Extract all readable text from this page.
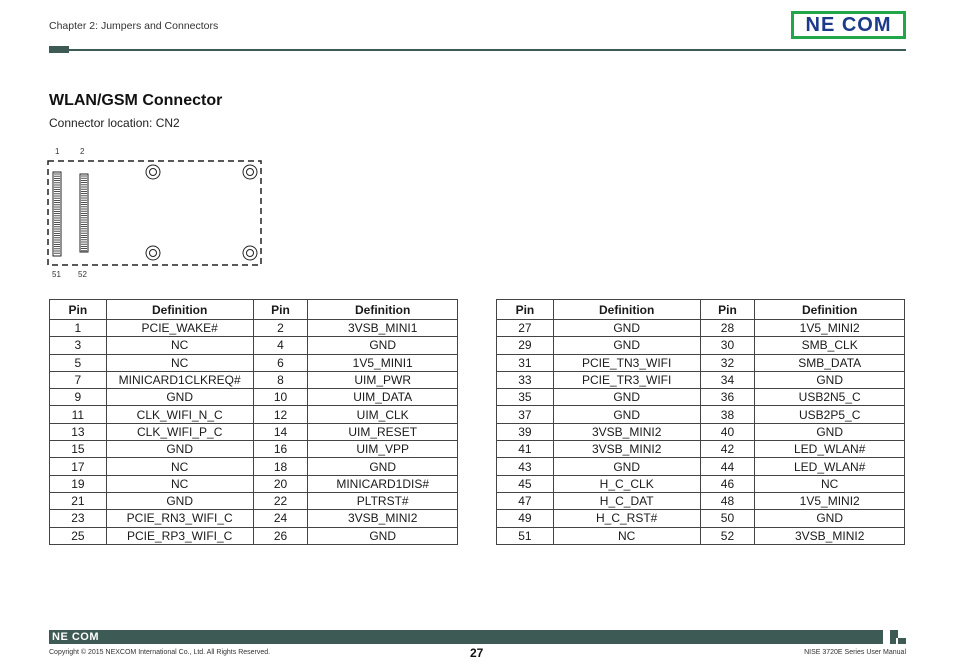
Chapter 2: Jumpers and Connectors	NE COM
WLAN/GSM Connector
Connector location: CN2
1	2
51 52
Pin	Definition	Pin	Definition
1	PCIE_WAKE#	2	3VSB_MINI1
3	NC	4	GND
5	NC	6	1V5_MINI1
7	MINICARD1CLKREQ#	8	UIM_PWR
9	GND	10	UIM_DATA
11	CLK_WIFI_N_C	12	UIM_CLK
13	CLK_WIFI_P_C	14	UIM_RESET
15	GND	16	UIM_VPP
17	NC	18	GND
19	NC	20	MINICARD1DIS#
21	GND	22	PLTRST#
23	PCIE_RN3_WIFI_C	24	3VSB_MINI2
25	PCIE_RP3_WIFI_C	26	GND
Pin	Definition	Pin	Definition
27	GND	28	1V5_MINI2
29	GND	30	SMB_CLK
31	PCIE_TN3_WIFI	32	SMB_DATA
33	PCIE_TR3_WIFI	34	GND
35	GND	36	USB2N5_C
37	GND	38	USB2P5_C
39	3VSB_MINI2	40	GND
41	3VSB_MINI2	42	LED_WLAN#
43	GND	44	LED_WLAN#
45	H_C_CLK	46	NC
47	H_C_DAT	48	1V5_MINI2
49	H_C_RST#	50	GND
51	NC	52	3VSB_MINI2
NE COM
Copyright © 2015 NEXCOM International Co., Ltd. All Rights Reserved.	27	NISE 3720E Series User Manual
